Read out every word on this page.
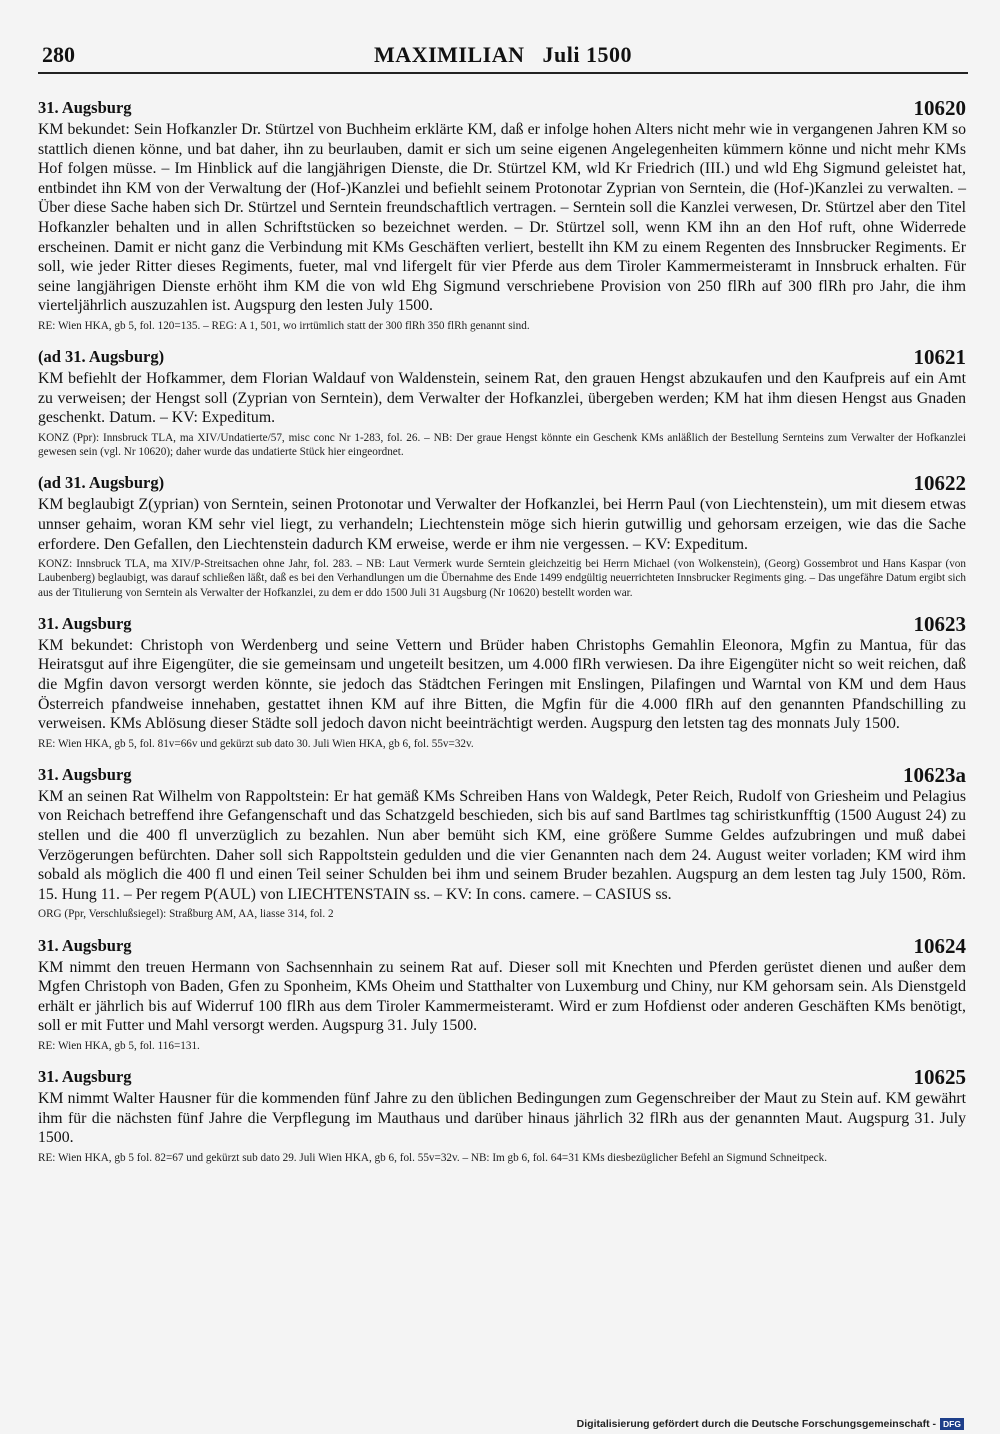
280	MAXIMILIAN   Juli 1500
31. Augsburg	10620

KM bekundet: Sein Hofkanzler Dr. Stürtzel von Buchheim erklärte KM, daß er infolge hohen Alters nicht mehr wie in vergangenen Jahren KM so stattlich dienen könne, und bat daher, ihn zu beurlauben, damit er sich um seine eigenen Angelegenheiten kümmern könne und nicht mehr KMs Hof folgen müsse. – Im Hinblick auf die langjährigen Dienste, die Dr. Stürtzel KM, wld Kr Friedrich (III.) und wld Ehg Sigmund geleistet hat, entbindet ihn KM von der Verwaltung der (Hof-)Kanzlei und befiehlt seinem Protonotar Zyprian von Serntein, die (Hof-)Kanzlei zu verwalten. – Über diese Sache haben sich Dr. Stürtzel und Serntein freundschaftlich vertragen. – Serntein soll die Kanzlei verwesen, Dr. Stürtzel aber den Titel Hofkanzler behalten und in allen Schriftstücken so bezeichnet werden. – Dr. Stürtzel soll, wenn KM ihn an den Hof ruft, ohne Widerrede erscheinen. Damit er nicht ganz die Verbindung mit KMs Geschäften verliert, bestellt ihn KM zu einem Regenten des Innsbrucker Regiments. Er soll, wie jeder Ritter dieses Regiments, fueter, mal vnd lifergelt für vier Pferde aus dem Tiroler Kammermeisteramt in Innsbruck erhalten. Für seine langjährigen Dienste erhöht ihm KM die von wld Ehg Sigmund verschriebene Provision von 250 flRh auf 300 flRh pro Jahr, die ihm vierteljährlich auszuzahlen ist. Augspurg den lesten July 1500.

RE: Wien HKA, gb 5, fol. 120=135. – REG: A 1, 501, wo irrtümlich statt der 300 flRh 350 flRh genannt sind.

(ad 31. Augsburg)	10621

KM befiehlt der Hofkammer, dem Florian Waldauf von Waldenstein, seinem Rat, den grauen Hengst abzukaufen und den Kaufpreis auf ein Amt zu verweisen; der Hengst soll (Zyprian von Serntein), dem Verwalter der Hofkanzlei, übergeben werden; KM hat ihm diesen Hengst aus Gnaden geschenkt. Datum. – KV: Expeditum.

KONZ (Ppr): Innsbruck TLA, ma XIV/Undatierte/57, misc conc Nr 1-283, fol. 26. – NB: Der graue Hengst könnte ein Geschenk KMs anläßlich der Bestellung Sernteins zum Verwalter der Hofkanzlei gewesen sein (vgl. Nr 10620); daher wurde das undatierte Stück hier eingeordnet.

(ad 31. Augsburg)	10622

KM beglaubigt Z(yprian) von Serntein, seinen Protonotar und Verwalter der Hofkanzlei, bei Herrn Paul (von Liechtenstein), um mit diesem etwas unnser gehaim, woran KM sehr viel liegt, zu verhandeln; Liechtenstein möge sich hierin gutwillig und gehorsam erzeigen, wie das die Sache erfordere. Den Gefallen, den Liechtenstein dadurch KM erweise, werde er ihm nie vergessen. – KV: Expeditum.

KONZ: Innsbruck TLA, ma XIV/P-Streitsachen ohne Jahr, fol. 283. – NB: Laut Vermerk wurde Serntein gleichzeitig bei Herrn Michael (von Wolkenstein), (Georg) Gossembrot und Hans Kaspar (von Laubenberg) beglaubigt, was darauf schließen läßt, daß es bei den Verhandlungen um die Übernahme des Ende 1499 endgültig neuerrichteten Innsbrucker Regiments ging. – Das ungefähre Datum ergibt sich aus der Titulierung von Serntein als Verwalter der Hofkanzlei, zu dem er ddo 1500 Juli 31 Augsburg (Nr 10620) bestellt worden war.

31. Augsburg	10623

KM bekundet: Christoph von Werdenberg und seine Vettern und Brüder haben Christophs Gemahlin Eleonora, Mgfin zu Mantua, für das Heiratsgut auf ihre Eigengüter, die sie gemeinsam und ungeteilt besitzen, um 4.000 flRh verwiesen. Da ihre Eigengüter nicht so weit reichen, daß die Mgfin davon versorgt werden könnte, sie jedoch das Städtchen Feringen mit Enslingen, Pilafingen und Warntal von KM und dem Haus Österreich pfandweise innehaben, gestattet ihnen KM auf ihre Bitten, die Mgfin für die 4.000 flRh auf den genannten Pfandschilling zu verweisen. KMs Ablösung dieser Städte soll jedoch davon nicht beeinträchtigt werden. Augspurg den letsten tag des monnats July 1500.

RE: Wien HKA, gb 5, fol. 81v=66v und gekürzt sub dato 30. Juli Wien HKA, gb 6, fol. 55v=32v.

31. Augsburg	10623a

KM an seinen Rat Wilhelm von Rappoltstein: Er hat gemäß KMs Schreiben Hans von Waldegk, Peter Reich, Rudolf von Griesheim und Pelagius von Reichach betreffend ihre Gefangenschaft und das Schatzgeld beschieden, sich bis auf sand Bartlmes tag schiristkunfftig (1500 August 24) zu stellen und die 400 fl unverzüglich zu bezahlen. Nun aber bemüht sich KM, eine größere Summe Geldes aufzubringen und muß dabei Verzögerungen befürchten. Daher soll sich Rappoltstein gedulden und die vier Genannten nach dem 24. August weiter vorladen; KM wird ihm sobald als möglich die 400 fl und einen Teil seiner Schulden bei ihm und seinem Bruder bezahlen. Augspurg an dem lesten tag July 1500, Röm. 15. Hung 11. – Per regem P(AUL) von LIECHTENSTAIN ss. – KV: In cons. camere. – CASIUS ss.

ORG (Ppr, Verschlußsiegel): Straßburg AM, AA, liasse 314, fol. 2

31. Augsburg	10624

KM nimmt den treuen Hermann von Sachsennhain zu seinem Rat auf. Dieser soll mit Knechten und Pferden gerüstet dienen und außer dem Mgfen Christoph von Baden, Gfen zu Sponheim, KMs Oheim und Statthalter von Luxemburg und Chiny, nur KM gehorsam sein. Als Dienstgeld erhält er jährlich bis auf Widerruf 100 flRh aus dem Tiroler Kammermeisteramt. Wird er zum Hofdienst oder anderen Geschäften KMs benötigt, soll er mit Futter und Mahl versorgt werden. Augspurg 31. July 1500.

RE: Wien HKA, gb 5, fol. 116=131.

31. Augsburg	10625

KM nimmt Walter Hausner für die kommenden fünf Jahre zu den üblichen Bedingungen zum Gegenschreiber der Maut zu Stein auf. KM gewährt ihm für die nächsten fünf Jahre die Verpflegung im Mauthaus und darüber hinaus jährlich 32 flRh aus der genannten Maut. Augspurg 31. July 1500.

RE: Wien HKA, gb 5 fol. 82=67 und gekürzt sub dato 29. Juli Wien HKA, gb 6, fol. 55v=32v. – NB: Im gb 6, fol. 64=31 KMs diesbezüglicher Befehl an Sigmund Schneitpeck.

Digitalisierung gefördert durch die Deutsche Forschungsgemeinschaft - DFG
